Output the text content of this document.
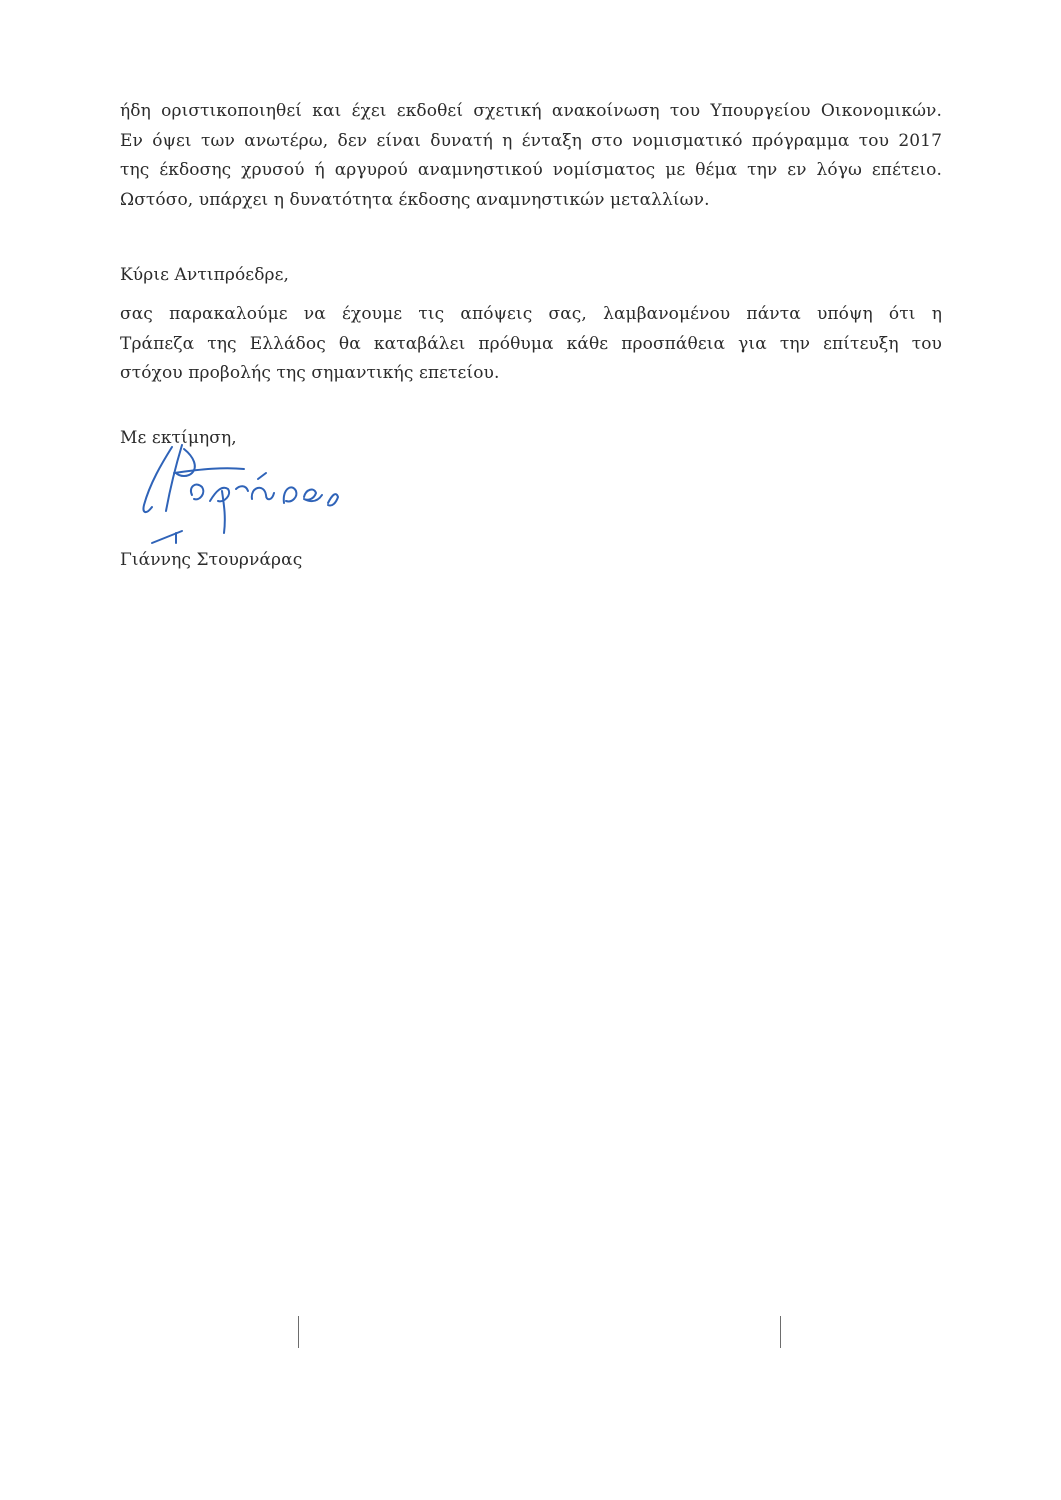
ήδη οριστικοποιηθεί και έχει εκδοθεί σχετική ανακοίνωση του Υπουργείου Οικονομικών.
Εν όψει των ανωτέρω, δεν είναι δυνατή η ένταξη στο νομισματικό πρόγραμμα του 2017
της έκδοσης χρυσού ή αργυρού αναμνηστικού νομίσματος με θέμα την εν λόγω επέτειο.
Ωστόσο, υπάρχει η δυνατότητα έκδοσης αναμνηστικών μεταλλίων.
Κύριε Αντιπρόεδρε,
σας παρακαλούμε να έχουμε τις απόψεις σας, λαμβανομένου πάντα υπόψη ότι η
Τράπεζα της Ελλάδος θα καταβάλει πρόθυμα κάθε προσπάθεια για την επίτευξη του
στόχου προβολής της σημαντικής επετείου.
Με εκτίμηση,
Γιάννης Στουρνάρας
